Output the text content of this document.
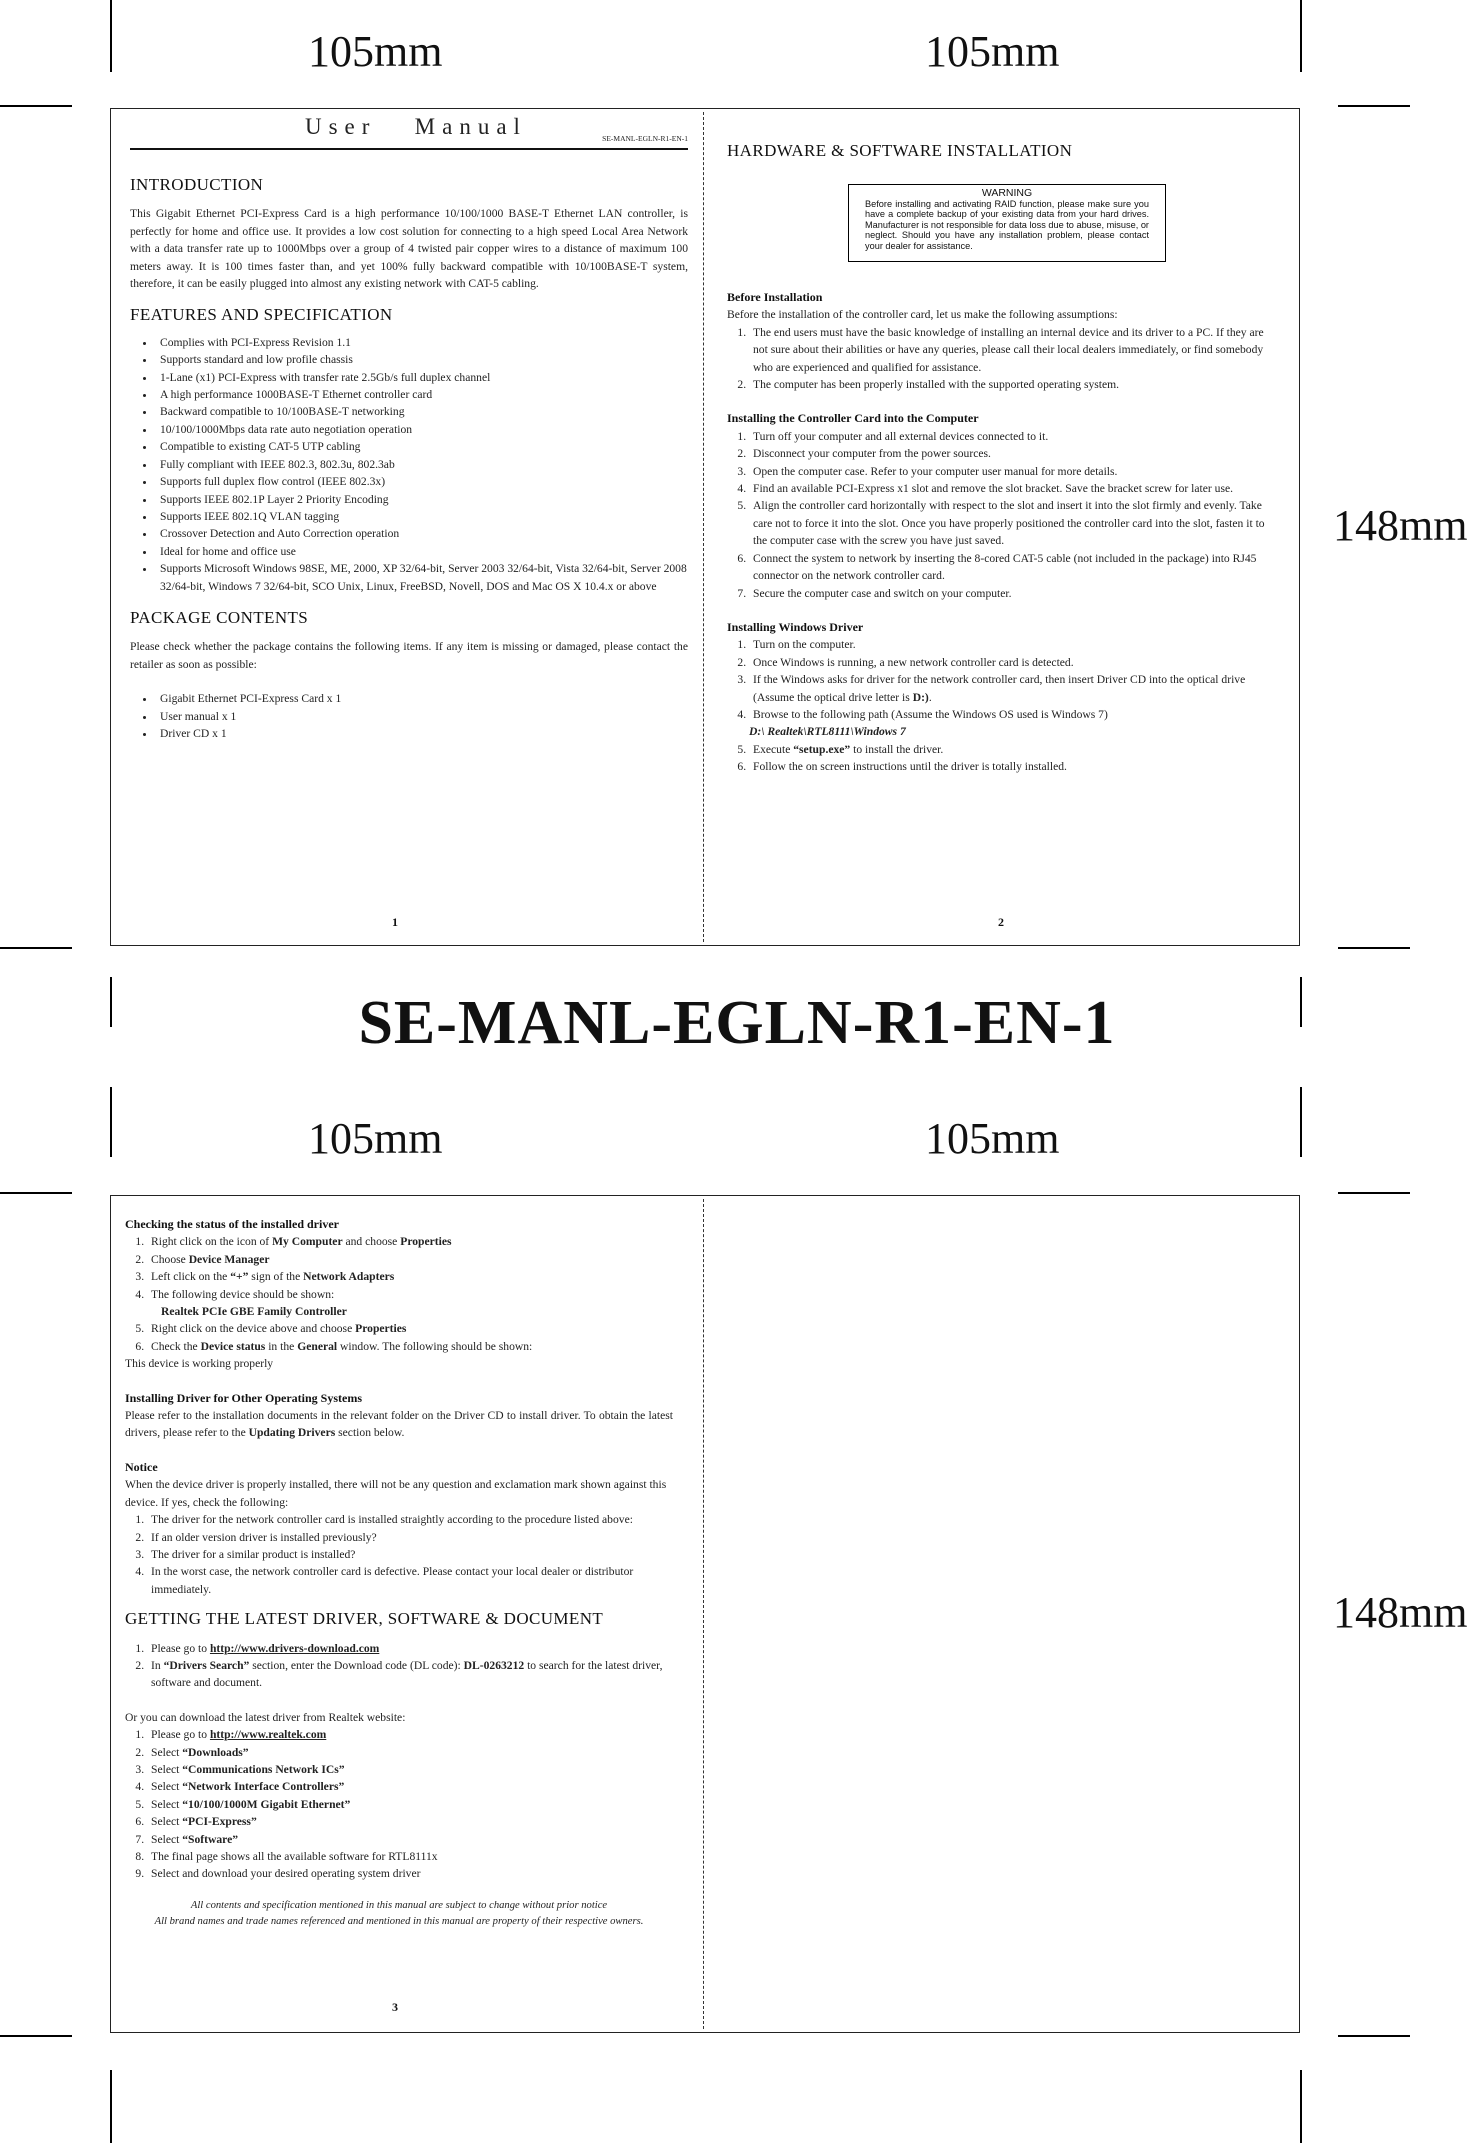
105mm	105mm
148mm
105mm	105mm
148mm
SE-MANL-EGLN-R1-EN-1
User   Manual	SE-MANL-EGLN-R1-EN-1
INTRODUCTION

This Gigabit Ethernet PCI-Express Card is a high performance 10/100/1000 BASE-T Ethernet LAN controller, is perfectly for home and office use. It provides a low cost solution for connecting to a high speed Local Area Network with a data transfer rate up to 1000Mbps over a group of 4 twisted pair copper wires to a distance of maximum 100 meters away. It is 100 times faster than, and yet 100% fully backward compatible with 10/100BASE-T system, therefore, it can be easily plugged into almost any existing network with CAT-5 cabling.

FEATURES AND SPECIFICATION
• Complies with PCI-Express Revision 1.1
• Supports standard and low profile chassis
• 1-Lane (x1) PCI-Express with transfer rate 2.5Gb/s full duplex channel
• A high performance 1000BASE-T Ethernet controller card
• Backward compatible to 10/100BASE-T networking
• 10/100/1000Mbps data rate auto negotiation operation
• Compatible to existing CAT-5 UTP cabling
• Fully compliant with IEEE 802.3, 802.3u, 802.3ab
• Supports full duplex flow control (IEEE 802.3x)
• Supports IEEE 802.1P Layer 2 Priority Encoding
• Supports IEEE 802.1Q VLAN tagging
• Crossover Detection and Auto Correction operation
• Ideal for home and office use
• Supports Microsoft Windows 98SE, ME, 2000, XP 32/64-bit, Server 2003 32/64-bit, Vista 32/64-bit, Server 2008 32/64-bit, Windows 7 32/64-bit, SCO Unix, Linux, FreeBSD, Novell, DOS and Mac OS X 10.4.x or above
PACKAGE CONTENTS

Please check whether the package contains the following items. If any item is missing or damaged, please contact the retailer as soon as possible:

• Gigabit Ethernet PCI-Express Card x 1
• User manual x 1
• Driver CD x 1
1
HARDWARE & SOFTWARE INSTALLATION
WARNING
Before installing and activating RAID function, please make sure you have a complete backup of your existing data from your hard drives. Manufacturer is not responsible for data loss due to abuse, misuse, or neglect. Should you have any installation problem, please contact your dealer for assistance.
Before Installation

Before the installation of the controller card, let us make the following assumptions:

1. The end users must have the basic knowledge of installing an internal device and its driver to a PC. If they are not sure about their abilities or have any queries, please call their local dealers immediately, or find somebody who are experienced and qualified for assistance.
2. The computer has been properly installed with the supported operating system.
Installing the Controller Card into the Computer
1. Turn off your computer and all external devices connected to it.
2. Disconnect your computer from the power sources.
3. Open the computer case. Refer to your computer user manual for more details.
4. Find an available PCI-Express x1 slot and remove the slot bracket. Save the bracket screw for later use.
5. Align the controller card horizontally with respect to the slot and insert it into the slot firmly and evenly. Take care not to force it into the slot. Once you have properly positioned the controller card into the slot, fasten it to the computer case with the screw you have just saved.
6. Connect the system to network by inserting the 8-cored CAT-5 cable (not included in the package) into RJ45 connector on the network controller card.
7. Secure the computer case and switch on your computer.
Installing Windows Driver
1. Turn on the computer.
2. Once Windows is running, a new network controller card is detected.
3. If the Windows asks for driver for the network controller card, then insert Driver CD into the optical drive (Assume the optical drive letter is D:).
4. Browse to the following path (Assume the Windows OS used is Windows 7)
D:\ Realtek\RTL8111\Windows 7
5. Execute “setup.exe” to install the driver.
6. Follow the on screen instructions until the driver is totally installed.
2
Checking the status of the installed driver
1. Right click on the icon of My Computer and choose Properties
2. Choose Device Manager
3. Left click on the “+” sign of the Network Adapters
4. The following device should be shown:
Realtek PCIe GBE Family Controller
5. Right click on the device above and choose Properties
6. Check the Device status in the General window. The following should be shown:

This device is working properly

Installing Driver for Other Operating Systems

Please refer to the installation documents in the relevant folder on the Driver CD to install driver. To obtain the latest drivers, please refer to the Updating Drivers section below.

Notice

When the device driver is properly installed, there will not be any question and exclamation mark shown against this device. If yes, check the following:

1. The driver for the network controller card is installed straightly according to the procedure listed above:
2. If an older version driver is installed previously?
3. The driver for a similar product is installed?
4. In the worst case, the network controller card is defective. Please contact your local dealer or distributor immediately.
GETTING THE LATEST DRIVER, SOFTWARE & DOCUMENT
1. Please go to http://www.drivers-download.com
2. In “Drivers Search” section, enter the Download code (DL code): DL-0263212 to search for the latest driver, software and document.

Or you can download the latest driver from Realtek website:

1. Please go to http://www.realtek.com
2. Select “Downloads”
3. Select “Communications Network ICs”
4. Select “Network Interface Controllers”
5. Select “10/100/1000M Gigabit Ethernet”
6. Select “PCI-Express”
7. Select “Software”
8. The final page shows all the available software for RTL8111x
9. Select and download your desired operating system driver
All contents and specification mentioned in this manual are subject to change without prior notice
All brand names and trade names referenced and mentioned in this manual are property of their respective owners.
3
